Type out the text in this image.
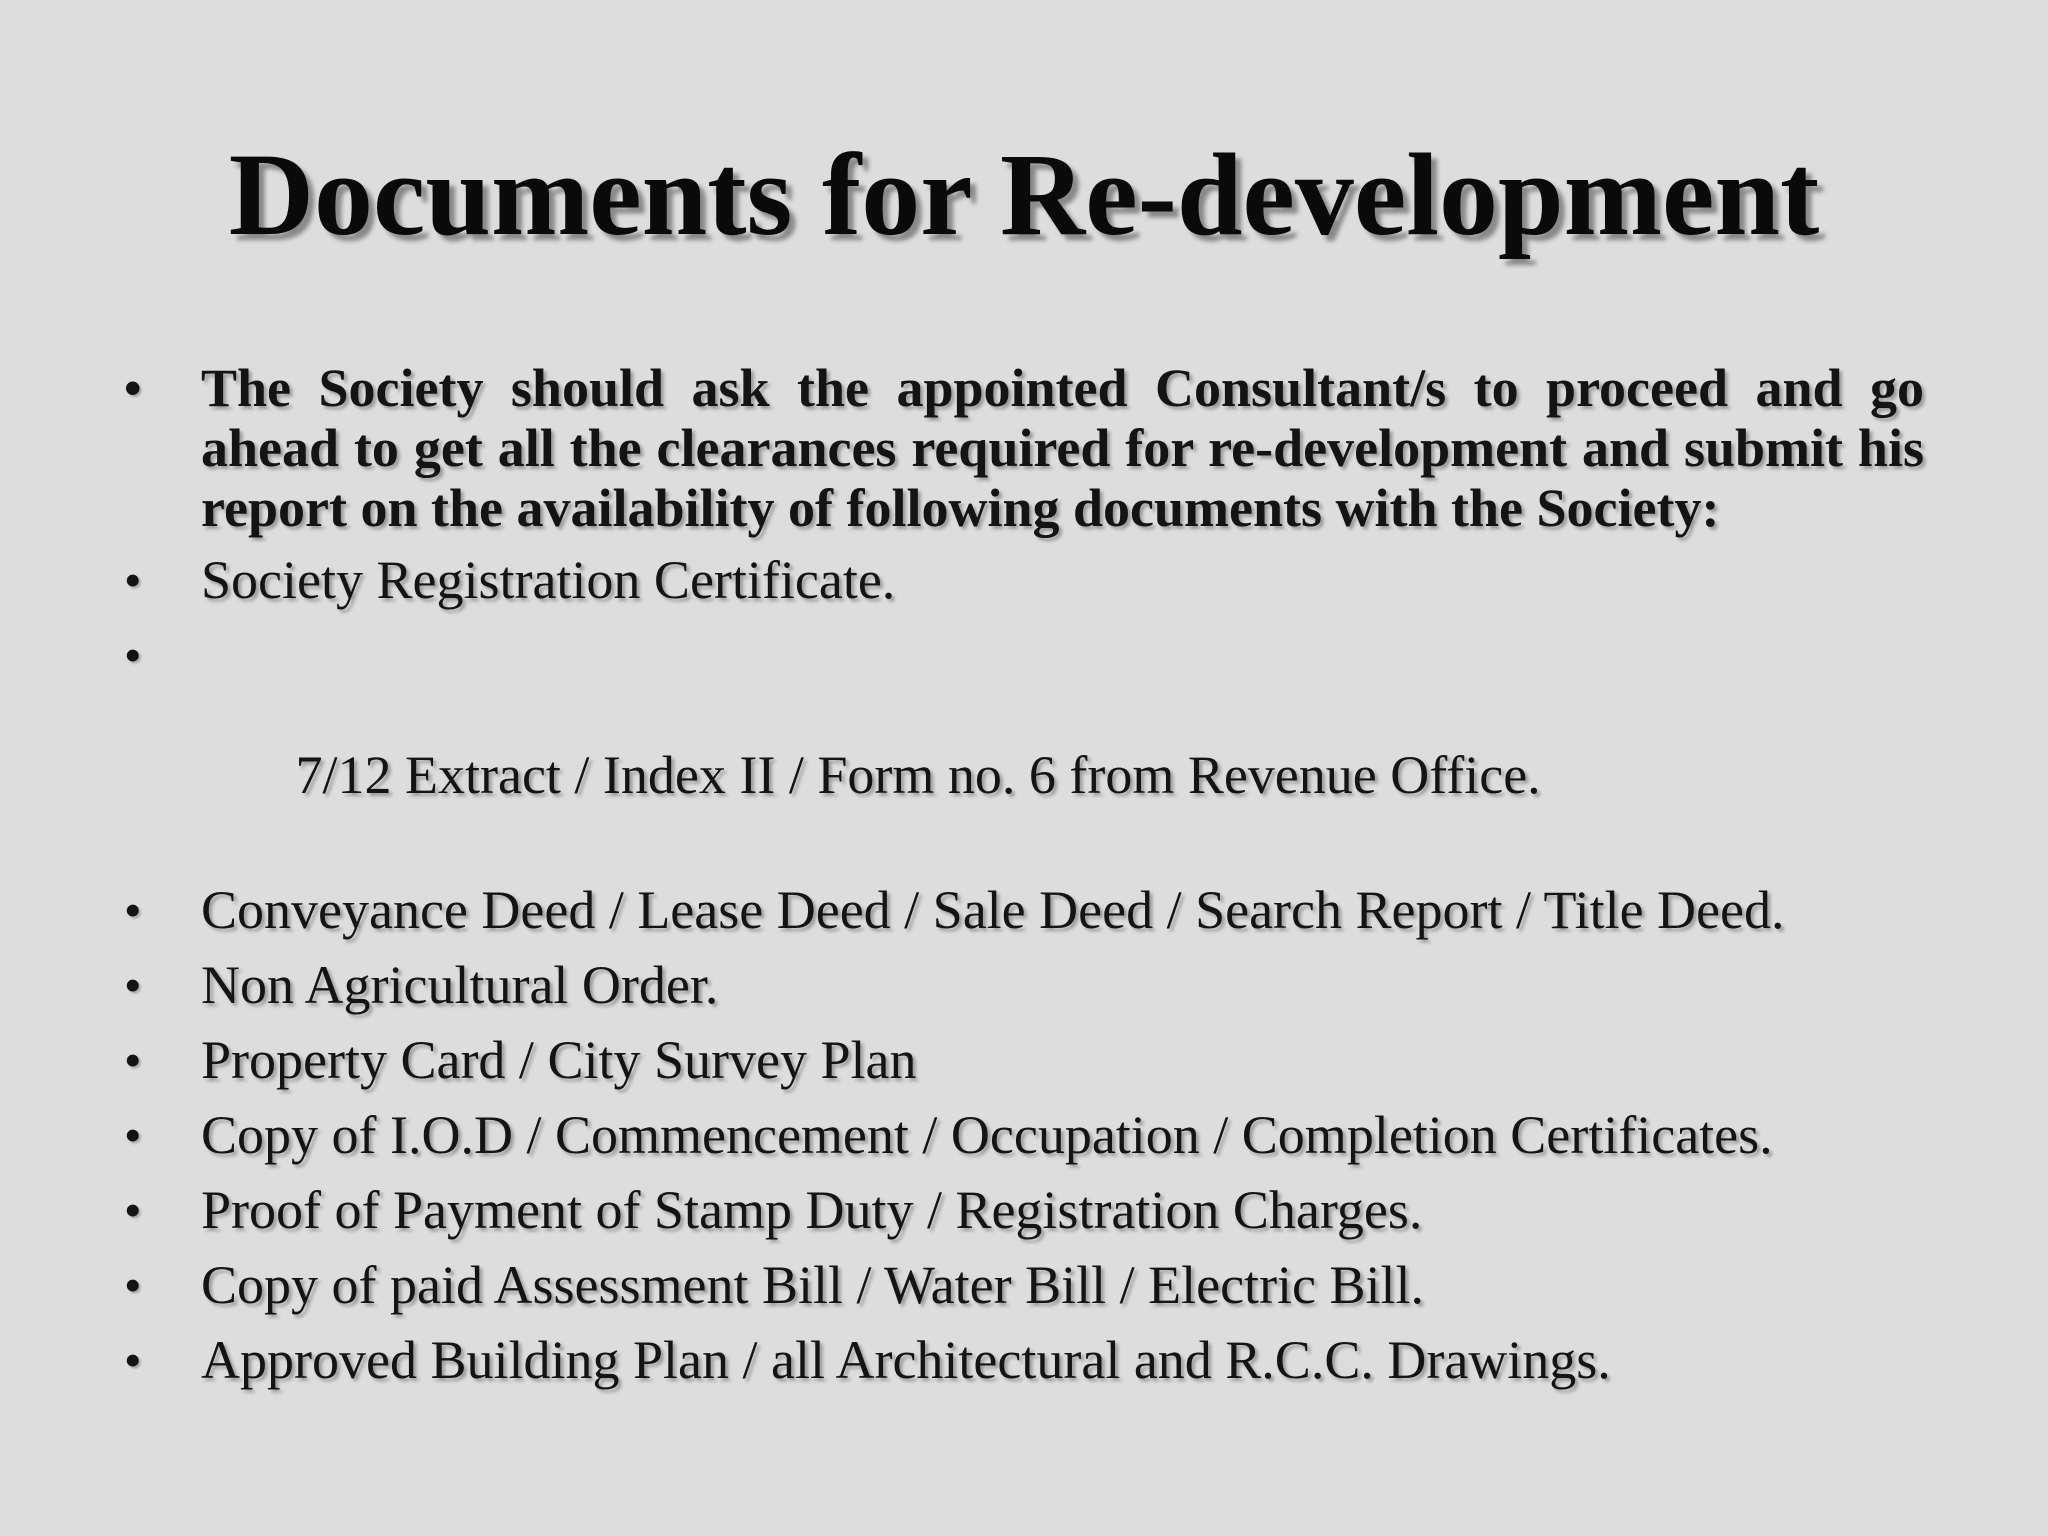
Documents for Re-development
•	The Society should ask the appointed Consultant/s to proceed and go ahead to get all the clearances required for re-development and submit his report on the availability of following documents with the Society:
•	Society Registration Certificate.

•

7/12 Extract / Index II / Form no. 6 from Revenue Office.

•	Conveyance Deed / Lease Deed / Sale Deed / Search Report / Title Deed.
•	Non Agricultural Order.
•	Property Card / City Survey Plan
•	Copy of I.O.D / Commencement / Occupation / Completion Certificates.
•	Proof of Payment of Stamp Duty / Registration Charges.
•	Copy of paid Assessment Bill / Water Bill / Electric Bill.
•	Approved Building Plan / all Architectural and R.C.C. Drawings.
